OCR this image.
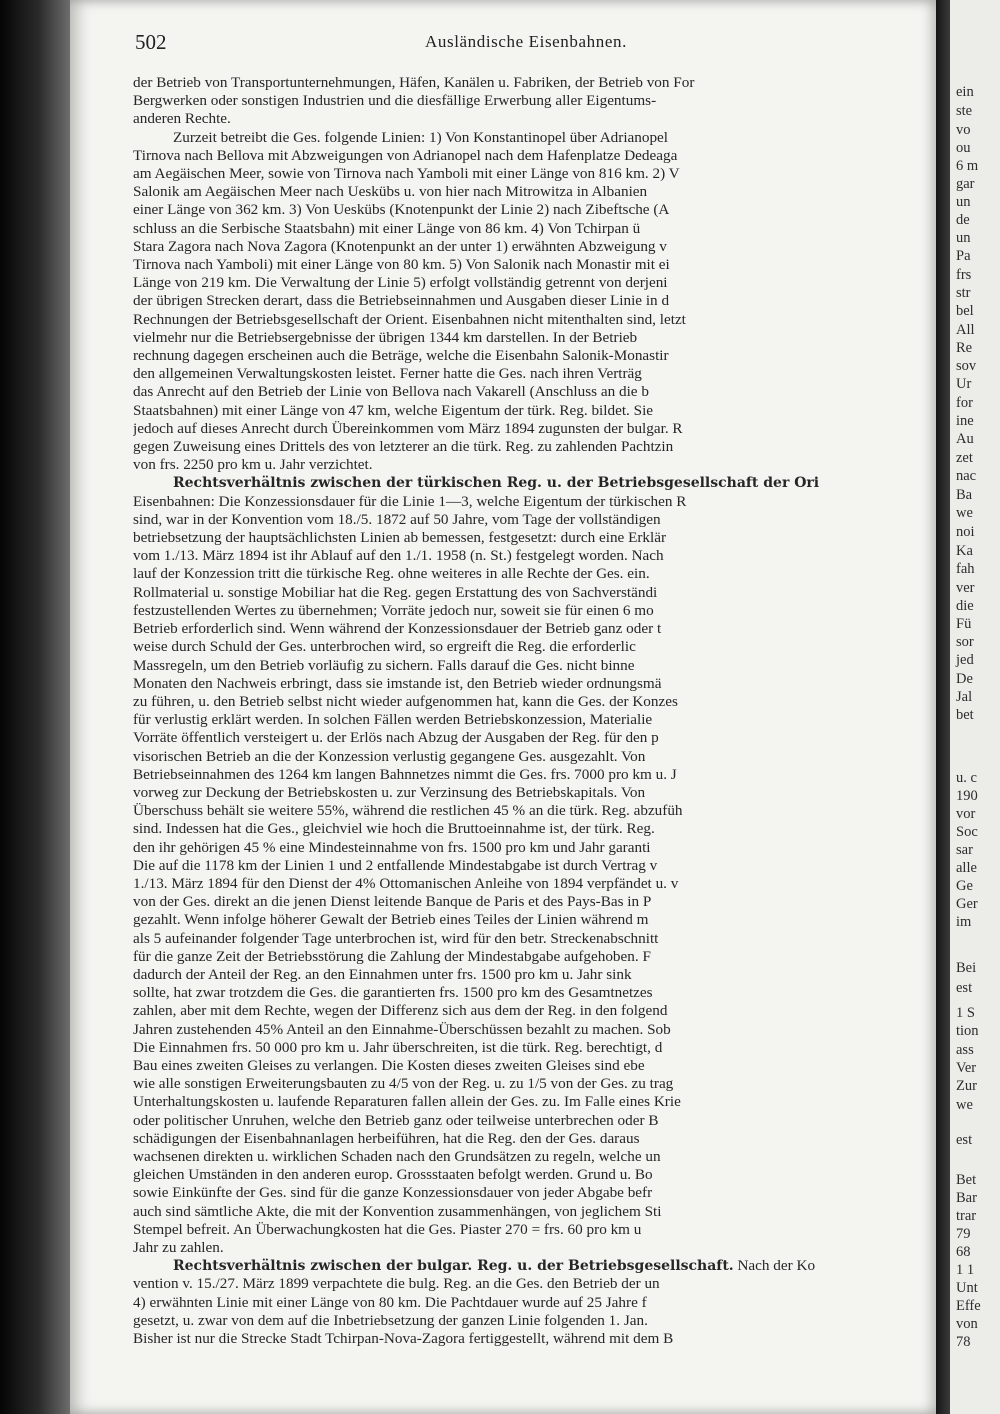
502	Ausländische Eisenbahnen.
der Betrieb von Transportunternehmungen, Häfen, Kanälen u. Fabriken, der Betrieb von For
Bergwerken oder sonstigen Industrien und die diesfällige Erwerbung aller Eigentums-
anderen Rechte.
Zurzeit betreibt die Ges. folgende Linien: 1) Von Konstantinopel über Adrianopel
Tirnova nach Bellova mit Abzweigungen von Adrianopel nach dem Hafenplatze Dedeaga
am Aegäischen Meer, sowie von Tirnova nach Yamboli mit einer Länge von 816 km. 2) V
Salonik am Aegäischen Meer nach Ueskübs u. von hier nach Mitrowitza in Albanien
einer Länge von 362 km. 3) Von Ueskübs (Knotenpunkt der Linie 2) nach Zibeftsche (A
schluss an die Serbische Staatsbahn) mit einer Länge von 86 km. 4) Von Tchirpan ü
Stara Zagora nach Nova Zagora (Knotenpunkt an der unter 1) erwähnten Abzweigung v
Tirnova nach Yamboli) mit einer Länge von 80 km. 5) Von Salonik nach Monastir mit ei
Länge von 219 km. Die Verwaltung der Linie 5) erfolgt vollständig getrennt von derjeni
der übrigen Strecken derart, dass die Betriebseinnahmen und Ausgaben dieser Linie in d
Rechnungen der Betriebsgesellschaft der Orient. Eisenbahnen nicht mitenthalten sind, letzt
vielmehr nur die Betriebsergebnisse der übrigen 1344 km darstellen. In der Betrieb
rechnung dagegen erscheinen auch die Beträge, welche die Eisenbahn Salonik-Monastir
den allgemeinen Verwaltungskosten leistet. Ferner hatte die Ges. nach ihren Verträg
das Anrecht auf den Betrieb der Linie von Bellova nach Vakarell (Anschluss an die b
Staatsbahnen) mit einer Länge von 47 km, welche Eigentum der türk. Reg. bildet. Sie
jedoch auf dieses Anrecht durch Übereinkommen vom März 1894 zugunsten der bulgar. R
gegen Zuweisung eines Drittels des von letzterer an die türk. Reg. zu zahlenden Pachtzin
von frs. 2250 pro km u. Jahr verzichtet.
Rechtsverhältnis zwischen der türkischen Reg. u. der Betriebsgesellschaft der Ori
Eisenbahnen: Die Konzessionsdauer für die Linie 1—3, welche Eigentum der türkischen R
sind, war in der Konvention vom 18./5. 1872 auf 50 Jahre, vom Tage der vollständigen
betriebsetzung der hauptsächlichsten Linien ab bemessen, festgesetzt: durch eine Erklär
vom 1./13. März 1894 ist ihr Ablauf auf den 1./1. 1958 (n. St.) festgelegt worden. Nach
lauf der Konzession tritt die türkische Reg. ohne weiteres in alle Rechte der Ges. ein.
Rollmaterial u. sonstige Mobiliar hat die Reg. gegen Erstattung des von Sachverständi
festzustellenden Wertes zu übernehmen; Vorräte jedoch nur, soweit sie für einen 6 mo
Betrieb erforderlich sind. Wenn während der Konzessionsdauer der Betrieb ganz oder t
weise durch Schuld der Ges. unterbrochen wird, so ergreift die Reg. die erforderlic
Massregeln, um den Betrieb vorläufig zu sichern. Falls darauf die Ges. nicht binne
Monaten den Nachweis erbringt, dass sie imstande ist, den Betrieb wieder ordnungsmä
zu führen, u. den Betrieb selbst nicht wieder aufgenommen hat, kann die Ges. der Konzes
für verlustig erklärt werden. In solchen Fällen werden Betriebskonzession, Materialie
Vorräte öffentlich versteigert u. der Erlös nach Abzug der Ausgaben der Reg. für den p
visorischen Betrieb an die der Konzession verlustig gegangene Ges. ausgezahlt. Von
Betriebseinnahmen des 1264 km langen Bahnnetzes nimmt die Ges. frs. 7000 pro km u. J
vorweg zur Deckung der Betriebskosten u. zur Verzinsung des Betriebskapitals. Von
Überschuss behält sie weitere 55%, während die restlichen 45 % an die türk. Reg. abzufüh
sind. Indessen hat die Ges., gleichviel wie hoch die Bruttoeinnahme ist, der türk. Reg.
den ihr gehörigen 45 % eine Mindesteinnahme von frs. 1500 pro km und Jahr garanti
Die auf die 1178 km der Linien 1 und 2 entfallende Mindestabgabe ist durch Vertrag v
1./13. März 1894 für den Dienst der 4% Ottomanischen Anleihe von 1894 verpfändet u. v
von der Ges. direkt an die jenen Dienst leitende Banque de Paris et des Pays-Bas in P
gezahlt. Wenn infolge höherer Gewalt der Betrieb eines Teiles der Linien während m
als 5 aufeinander folgender Tage unterbrochen ist, wird für den betr. Streckenabschnitt
für die ganze Zeit der Betriebsstörung die Zahlung der Mindestabgabe aufgehoben. F
dadurch der Anteil der Reg. an den Einnahmen unter frs. 1500 pro km u. Jahr sink
sollte, hat zwar trotzdem die Ges. die garantierten frs. 1500 pro km des Gesamtnetzes
zahlen, aber mit dem Rechte, wegen der Differenz sich aus dem der Reg. in den folgend
Jahren zustehenden 45% Anteil an den Einnahme-Überschüssen bezahlt zu machen. Sob
Die Einnahmen frs. 50 000 pro km u. Jahr überschreiten, ist die türk. Reg. berechtigt, d
Bau eines zweiten Gleises zu verlangen. Die Kosten dieses zweiten Gleises sind ebe
wie alle sonstigen Erweiterungsbauten zu 4/5 von der Reg. u. zu 1/5 von der Ges. zu trag
Unterhaltungskosten u. laufende Reparaturen fallen allein der Ges. zu. Im Falle eines Krie
oder politischer Unruhen, welche den Betrieb ganz oder teilweise unterbrechen oder B
schädigungen der Eisenbahnanlagen herbeiführen, hat die Reg. den der Ges. daraus
wachsenen direkten u. wirklichen Schaden nach den Grundsätzen zu regeln, welche un
gleichen Umständen in den anderen europ. Grossstaaten befolgt werden. Grund u. Bo
sowie Einkünfte der Ges. sind für die ganze Konzessionsdauer von jeder Abgabe befr
auch sind sämtliche Akte, die mit der Konvention zusammenhängen, von jeglichem Sti
Stempel befreit. An Überwachungkosten hat die Ges. Piaster 270 = frs. 60 pro km u
Jahr zu zahlen.
Rechtsverhältnis zwischen der bulgar. Reg. u. der Betriebsgesellschaft. Nach der Ko
vention v. 15./27. März 1899 verpachtete die bulg. Reg. an die Ges. den Betrieb der un
4) erwähnten Linie mit einer Länge von 80 km. Die Pachtdauer wurde auf 25 Jahre f
gesetzt, u. zwar von dem auf die Inbetriebsetzung der ganzen Linie folgenden 1. Jan.
Bisher ist nur die Strecke Stadt Tchirpan-Nova-Zagora fertiggestellt, während mit dem B

ein

ste

vo

ou

6 m

gar

un

de

un

Pa

frs

str

bel

All

Re

sov

Ur

for

ine

Au

zet

nac

Ba

we

noi

Ka

fah

ver

die

Fü

sor

jed

De

Jal

bet

u. c

190

vor

Soc

sar

alle

Ge

Ger

im

Bei

est

1 S

tion

ass

Ver

Zur

we

est

Bet

Bar

trar

79

68

1 1

Unt

Effe

von

78
